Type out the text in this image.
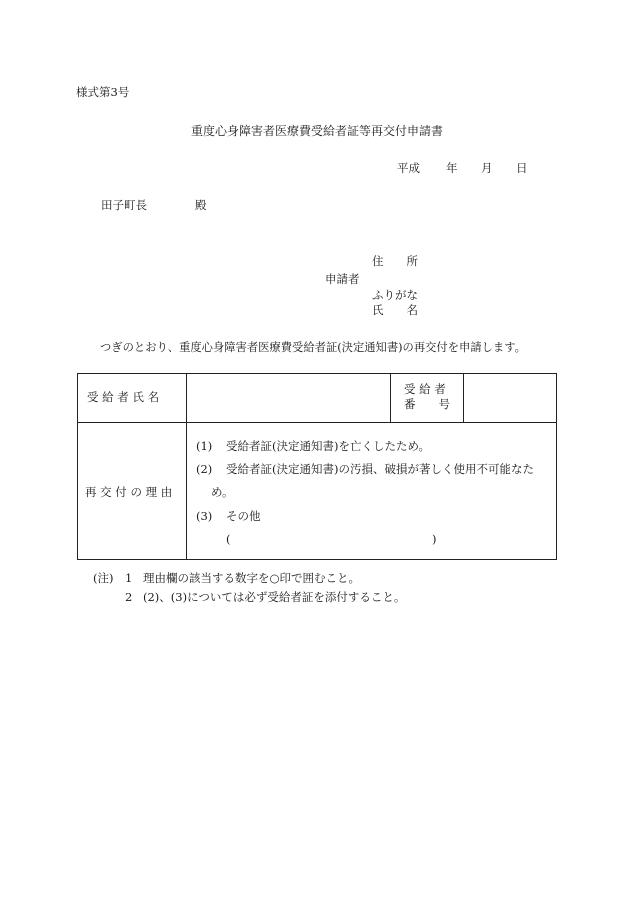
様式第3号
重度心身障害者医療費受給者証等再交付申請書
平成 年 月 日
田子町長	殿
住　　所
申請者
ふりがな
氏　　名
つぎのとおり、重度心身障害者医療費受給者証(決定通知書)の再交付を申請します。
受 給 者 氏 名
受 給 者
番　　号
再 交 付 の 理 由
(1) 受給者証(決定通知書)を亡くしたため。
(2) 受給者証(決定通知書)の汚損、破損が著しく使用不可能なた
め。
(3) その他
(	)
(注) 1 理由欄の該当する数字を○印で囲むこと。
2 (2)、(3)については必ず受給者証を添付すること。
